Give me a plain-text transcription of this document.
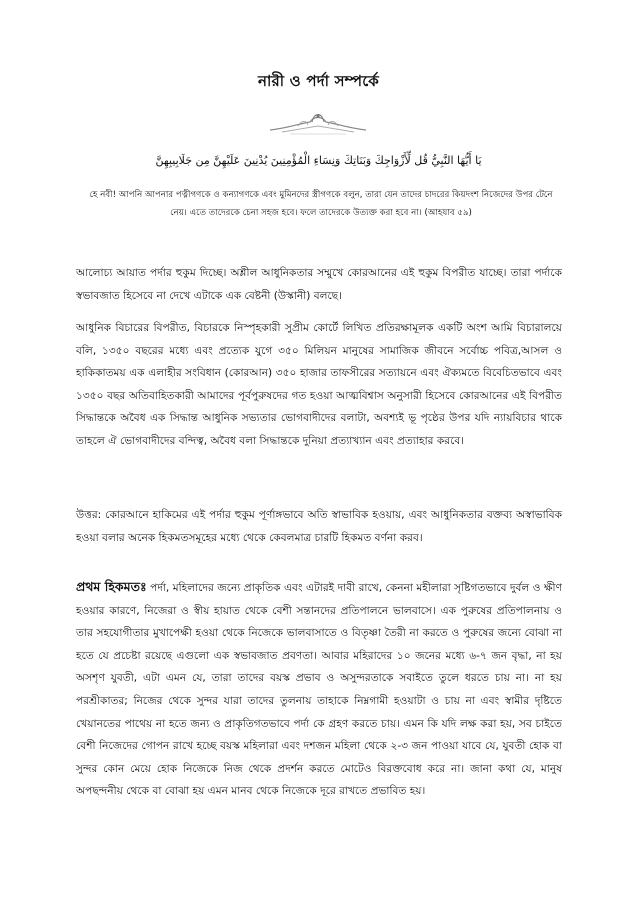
নারী ও পর্দা সম্পর্কে
يَا أَيُّهَا النَّبِيُّ قُل لِّأَزْوَاجِكَ وَبَنَاتِكَ وَنِسَاءِ الْمُؤْمِنِينَ يُدْنِينَ عَلَيْهِنَّ مِن جَلَابِيبِهِنَّ
হে নবী! আপনি আপনার পত্নীগণকে ও কন্যাগণকে এবং মুমিনদের স্ত্রীগণকে বলুন, তারা যেন তাদের চাদরের কিয়দংশ নিজেদের উপর টেনে
নেয়। এতে তাদেরকে চেনা সহজ হবে। ফলে তাদেরকে উত্যক্ত করা হবে না। (আহযাব ৫৯)

আলোচ্য আয়াত পর্দার হুকুম দিচ্ছে। অশ্লীল আধুনিকতার সম্মুখে কোরআনের এই হুকুম বিপরীত যাচ্ছে। তারা পর্দাকে স্বভাবজাত হিসেবে না দেখে এটাকে এক বেষ্টনী (উস্কানী) বলছে।

আধুনিক বিচারের বিপরীত, বিচারকে নিস্পৃহকারী সুপ্রীম কোর্টে লিখিত প্রতিরক্ষামূলক একটি অংশ আমি বিচারালয়ে বলি, ১৩৫০ বছরের মধ্যে এবং প্রত্যেক যুগে ৩৫০ মিলিয়ন মানুষের সামাজিক জীবনে সর্বোচ্চ পবিত্র,আসল ও হাকিকাতময় এক এলাহীর সংবিধান (কোরআন) ৩৫০ হাজার তাফসীরের সত্যায়নে এবং ঐক্যমতে বিবেচিতভাবে এবং ১৩৫০ বছর অতিবাহিতকারী আমাদের পূর্বপুরুষদের গত হওয়া আত্মবিশ্বাস অনুসারী হিসেবে কোরআনের এই বিপরীত সিদ্ধান্তকে অবৈধ এক সিদ্ধান্ত আধুনিক সভ্যতার ভোগবাদীদের বলাটা, অবশ্যই ভূ পৃষ্ঠের উপর যদি ন্যায়বিচার থাকে তাহলে ঐ ভোগবাদীদের বন্দিত্ব, অবৈধ বলা সিদ্ধান্তকে দুনিয়া প্রত্যাখ্যান এবং প্রত্যাহার করবে।

উত্তর: কোরআনে হাকিমের এই পর্দার হুকুম পূর্ণাঙ্গভাবে অতি স্বাভাবিক হওয়ায়, এবং আধুনিকতার বক্তব্য অস্বাভাবিক হওয়া বলার অনেক হিকমতসমূহের মধ্যে থেকে কেবলমাত্র চারটি হিকমত বর্ণনা করব।

প্রথম হিকমতঃ পর্দা, মহিলাদের জন্যে প্রাকৃতিক এবং এটারই দাবী রাখে, কেননা মহীলারা সৃষ্টিগতভাবে দুর্বল ও ক্ষীণ হওয়ার কারণে, নিজেরা ও স্বীয় হায়াত থেকে বেশী সন্তানদের প্রতিপালনে ভালবাসে। এক পুরুষের প্রতিপালনায় ও তার সহযোগীতার মুখাপেক্ষী হওয়া থেকে নিজেকে ভালবাসাতে ও বিতৃষ্ণা তৈরী না করতে ও পুরুষের জন্যে বোঝা না হতে যে প্রচেষ্টা রয়েছে এগুলো এক স্বভাবজাত প্রবণতা। আবার মহিরাদের ১০ জনের মধ্যে ৬-৭ জন বৃদ্ধা, না হয় অসশৃণ যুবতী, এটা এমন যে, তারা তাদের বয়স্ক প্রভাব ও অসুন্দরতাকে সবাইতে তুলে ধরতে চায় না। না হয় পরশ্রীকাতর; নিজের থেকে সুন্দর যারা তাদের তুলনায় তাহাকে নিম্নগামী হওয়াটা ও চায় না এবং স্বামীর দৃষ্টিতে খেয়ানতের পাথেয় না হতে জন্য ও প্রাকৃতিগতভাবে পর্দা কে গ্রহণ করতে চায়। এমন কি যদি লক্ষ করা হয়, সব চাইতে বেশী নিজেদের গোপন রাখে হচ্ছে বয়স্ক মহিলারা এবং দশজন মহিলা থেকে ২-৩ জন পাওয়া যাবে যে, যুবতী হোক বা সুন্দর কোন মেয়ে হোক নিজেকে নিজ থেকে প্রদর্শন করতে মোটেও বিরক্তবোধ করে না। জানা কথা যে, মানুষ অপছন্দনীয় থেকে বা বোঝা হয় এমন মানব থেকে নিজেকে দূরে রাখতে প্রভাবিত হয়।
